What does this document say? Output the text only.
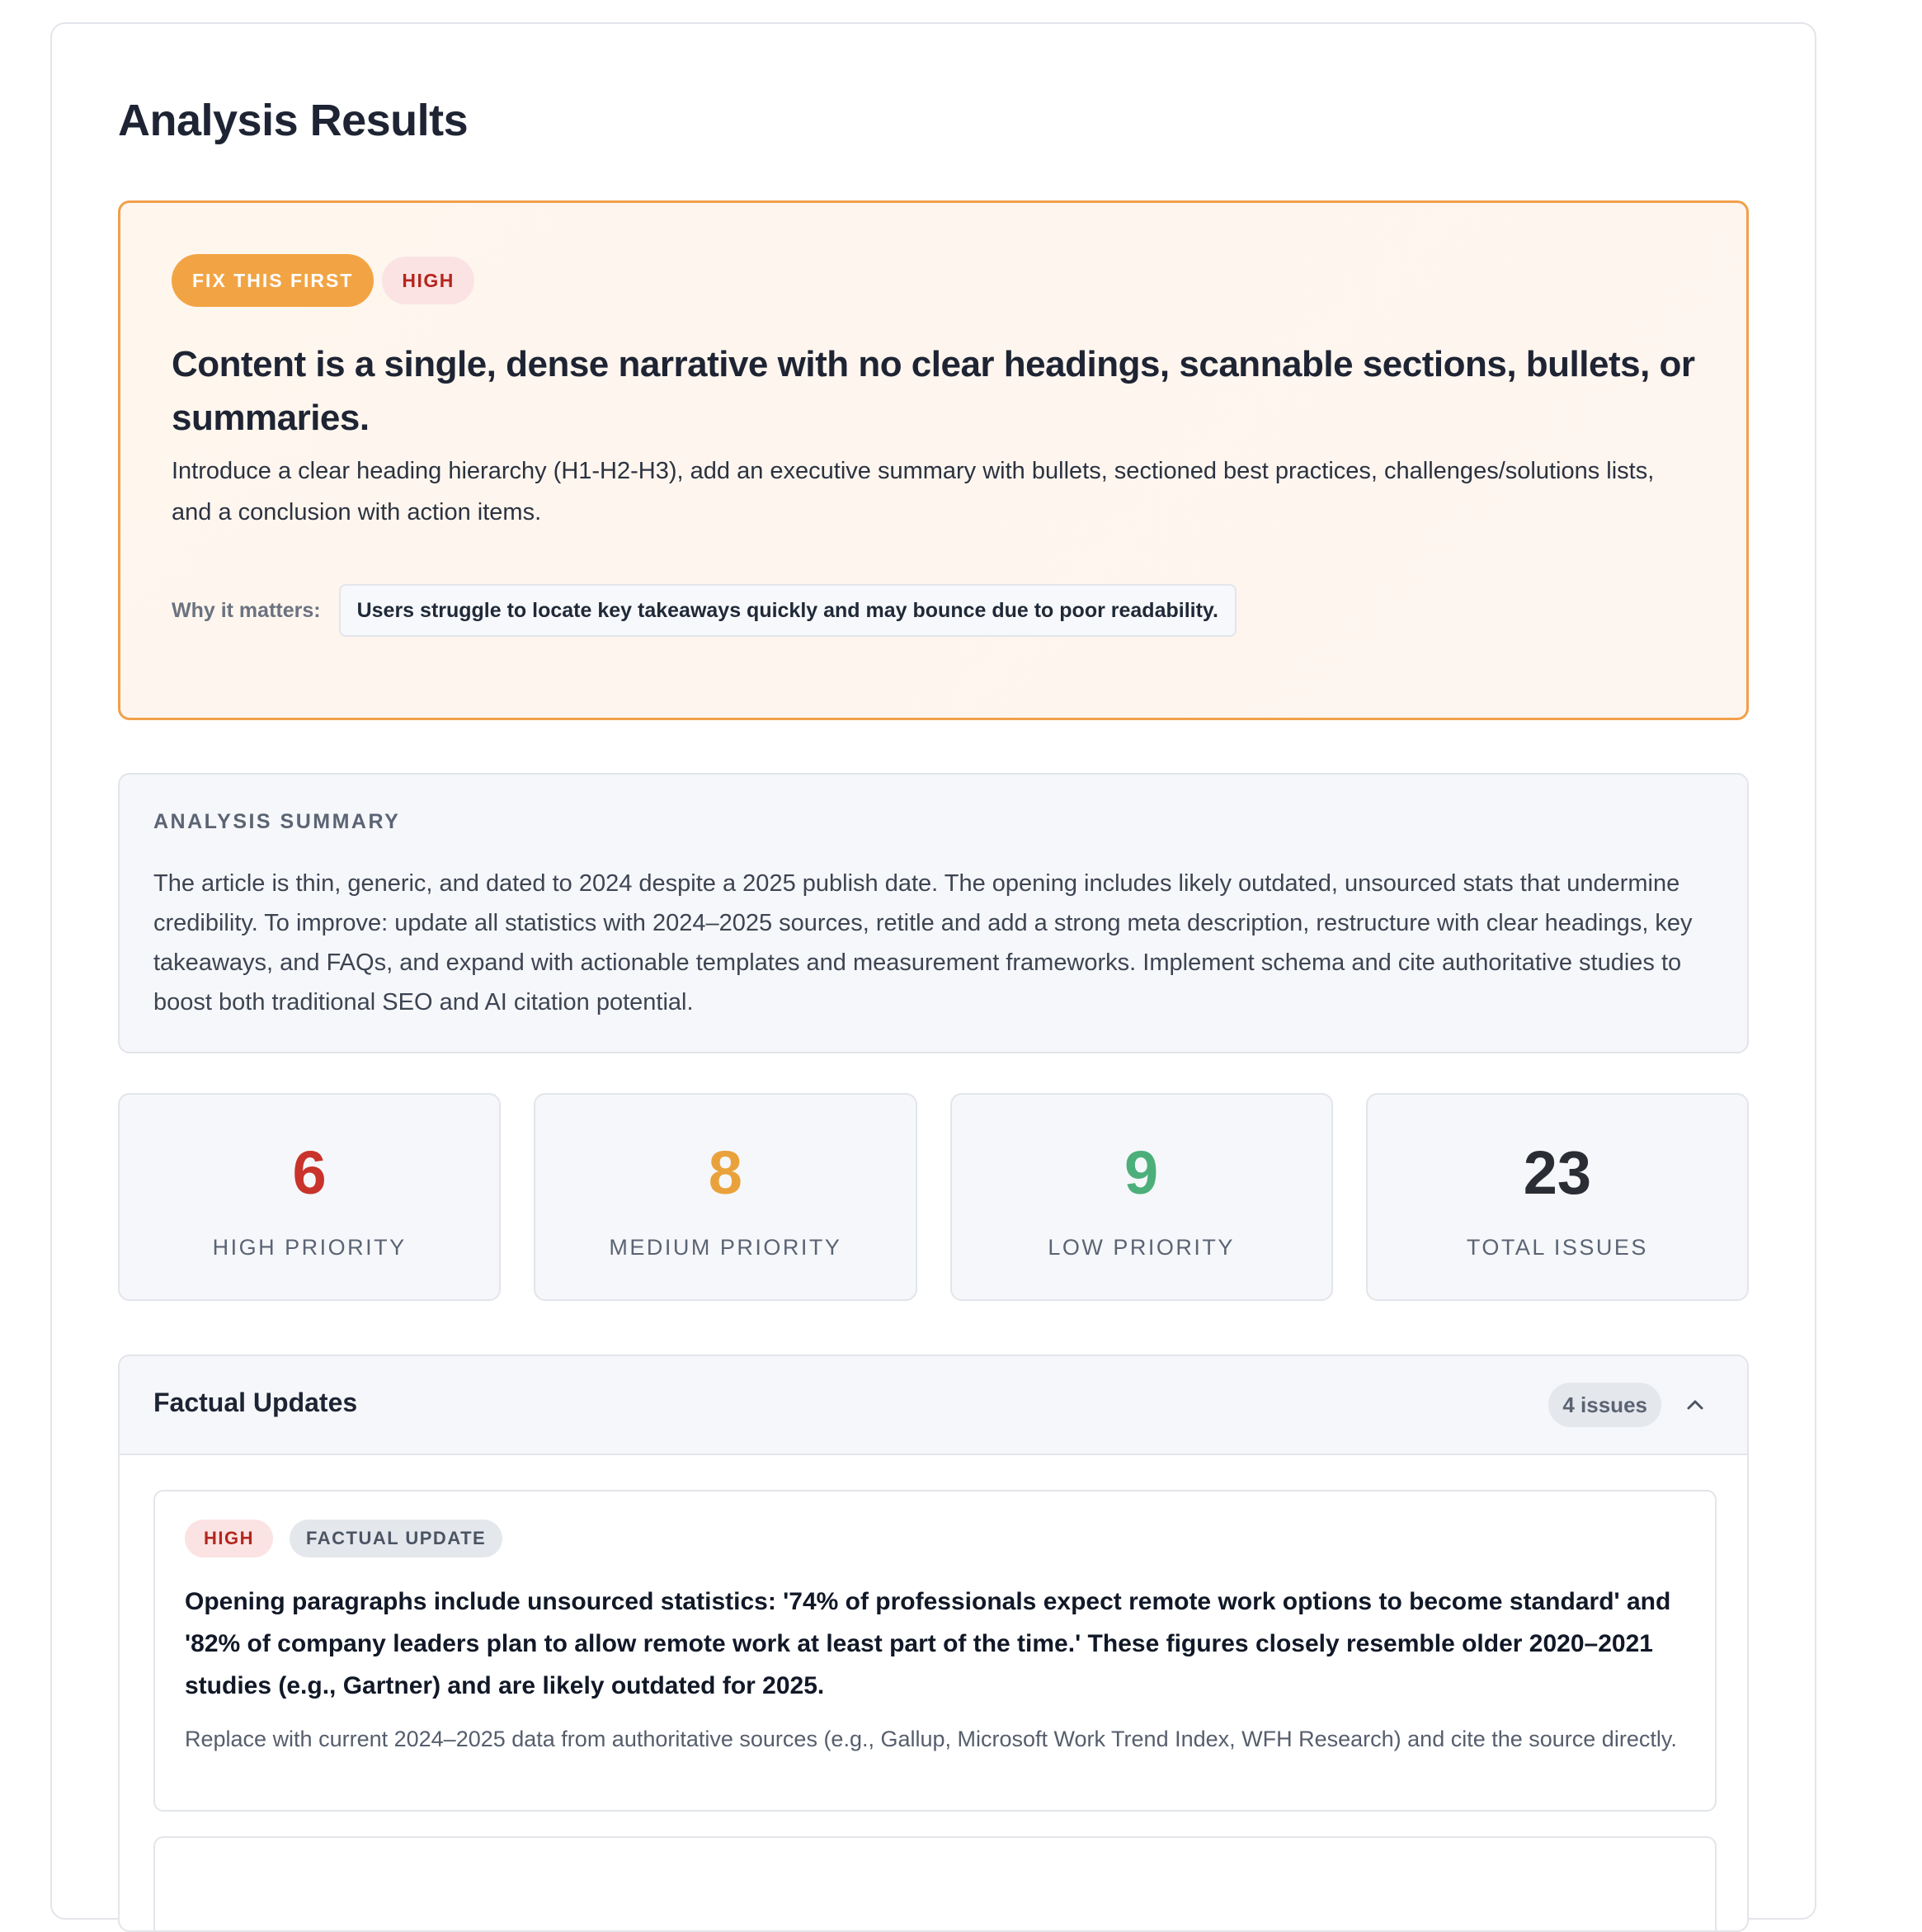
Analysis Results
FIX THIS FIRST	HIGH
Content is a single, dense narrative with no clear headings, scannable sections, bullets, or summaries.

Introduce a clear heading hierarchy (H1-H2-H3), add an executive summary with bullets, sectioned best practices, challenges/solutions lists, and a conclusion with action items.

Why it matters:	Users struggle to locate key takeaways quickly and may bounce due to poor readability.
ANALYSIS SUMMARY

The article is thin, generic, and dated to 2024 despite a 2025 publish date. The opening includes likely outdated, unsourced stats that undermine credibility. To improve: update all statistics with 2024–2025 sources, retitle and add a strong meta description, restructure with clear headings, key takeaways, and FAQs, and expand with actionable templates and measurement frameworks. Implement schema and cite authoritative studies to boost both traditional SEO and AI citation potential.

6
HIGH PRIORITY
8
MEDIUM PRIORITY
9
LOW PRIORITY
23
TOTAL ISSUES
Factual Updates	4 issues
HIGH	FACTUAL UPDATE

Opening paragraphs include unsourced statistics: '74% of professionals expect remote work options to become standard' and '82% of company leaders plan to allow remote work at least part of the time.' These figures closely resemble older 2020–2021 studies (e.g., Gartner) and are likely outdated for 2025.

Replace with current 2024–2025 data from authoritative sources (e.g., Gallup, Microsoft Work Trend Index, WFH Research) and cite the source directly.
